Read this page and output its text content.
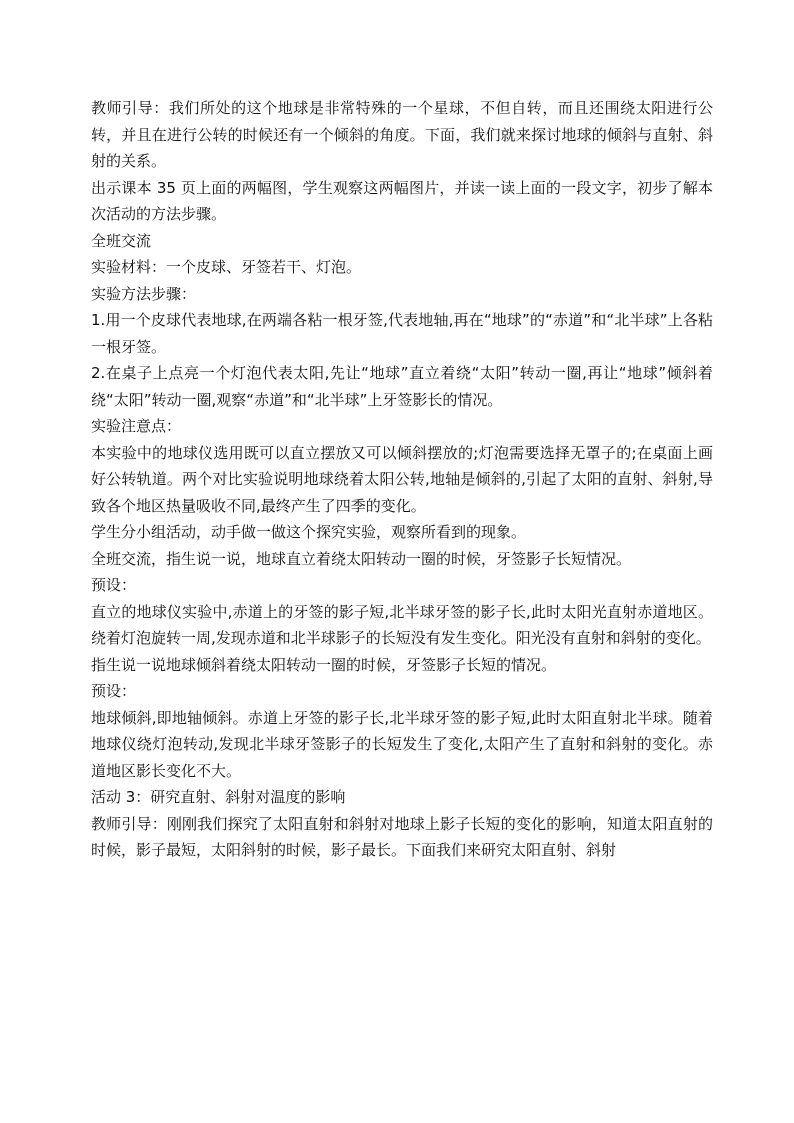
教师引导：我们所处的这个地球是非常特殊的一个星球，不但自转，而且还围绕太阳进行公转，并且在进行公转的时候还有一个倾斜的角度。下面，我们就来探讨地球的倾斜与直射、斜射的关系。

出示课本 35 页上面的两幅图，学生观察这两幅图片，并读一读上面的一段文字，初步了解本次活动的方法步骤。

全班交流

实验材料：一个皮球、牙签若干、灯泡。

实验方法步骤：

1.用一个皮球代表地球,在两端各粘一根牙签,代表地轴,再在“地球”的“赤道”和“北半球”上各粘一根牙签。

2.在桌子上点亮一个灯泡代表太阳,先让“地球”直立着绕“太阳”转动一圈,再让“地球”倾斜着绕“太阳”转动一圈,观察“赤道”和“北半球”上牙签影长的情况。

实验注意点：

本实验中的地球仪选用既可以直立摆放又可以倾斜摆放的;灯泡需要选择无罩子的;在桌面上画好公转轨道。两个对比实验说明地球绕着太阳公转,地轴是倾斜的,引起了太阳的直射、斜射,导致各个地区热量吸收不同,最终产生了四季的变化。

学生分小组活动，动手做一做这个探究实验，观察所看到的现象。

全班交流，指生说一说，地球直立着绕太阳转动一圈的时候，牙签影子长短情况。

预设：

直立的地球仪实验中,赤道上的牙签的影子短,北半球牙签的影子长,此时太阳光直射赤道地区。绕着灯泡旋转一周,发现赤道和北半球影子的长短没有发生变化。阳光没有直射和斜射的变化。

指生说一说地球倾斜着绕太阳转动一圈的时候，牙签影子长短的情况。

预设：

地球倾斜,即地轴倾斜。赤道上牙签的影子长,北半球牙签的影子短,此时太阳直射北半球。随着地球仪绕灯泡转动,发现北半球牙签影子的长短发生了变化,太阳产生了直射和斜射的变化。赤道地区影长变化不大。

活动 3：研究直射、斜射对温度的影响

教师引导：刚刚我们探究了太阳直射和斜射对地球上影子长短的变化的影响，知道太阳直射的时候，影子最短，太阳斜射的时候，影子最长。下面我们来研究太阳直射、斜射
